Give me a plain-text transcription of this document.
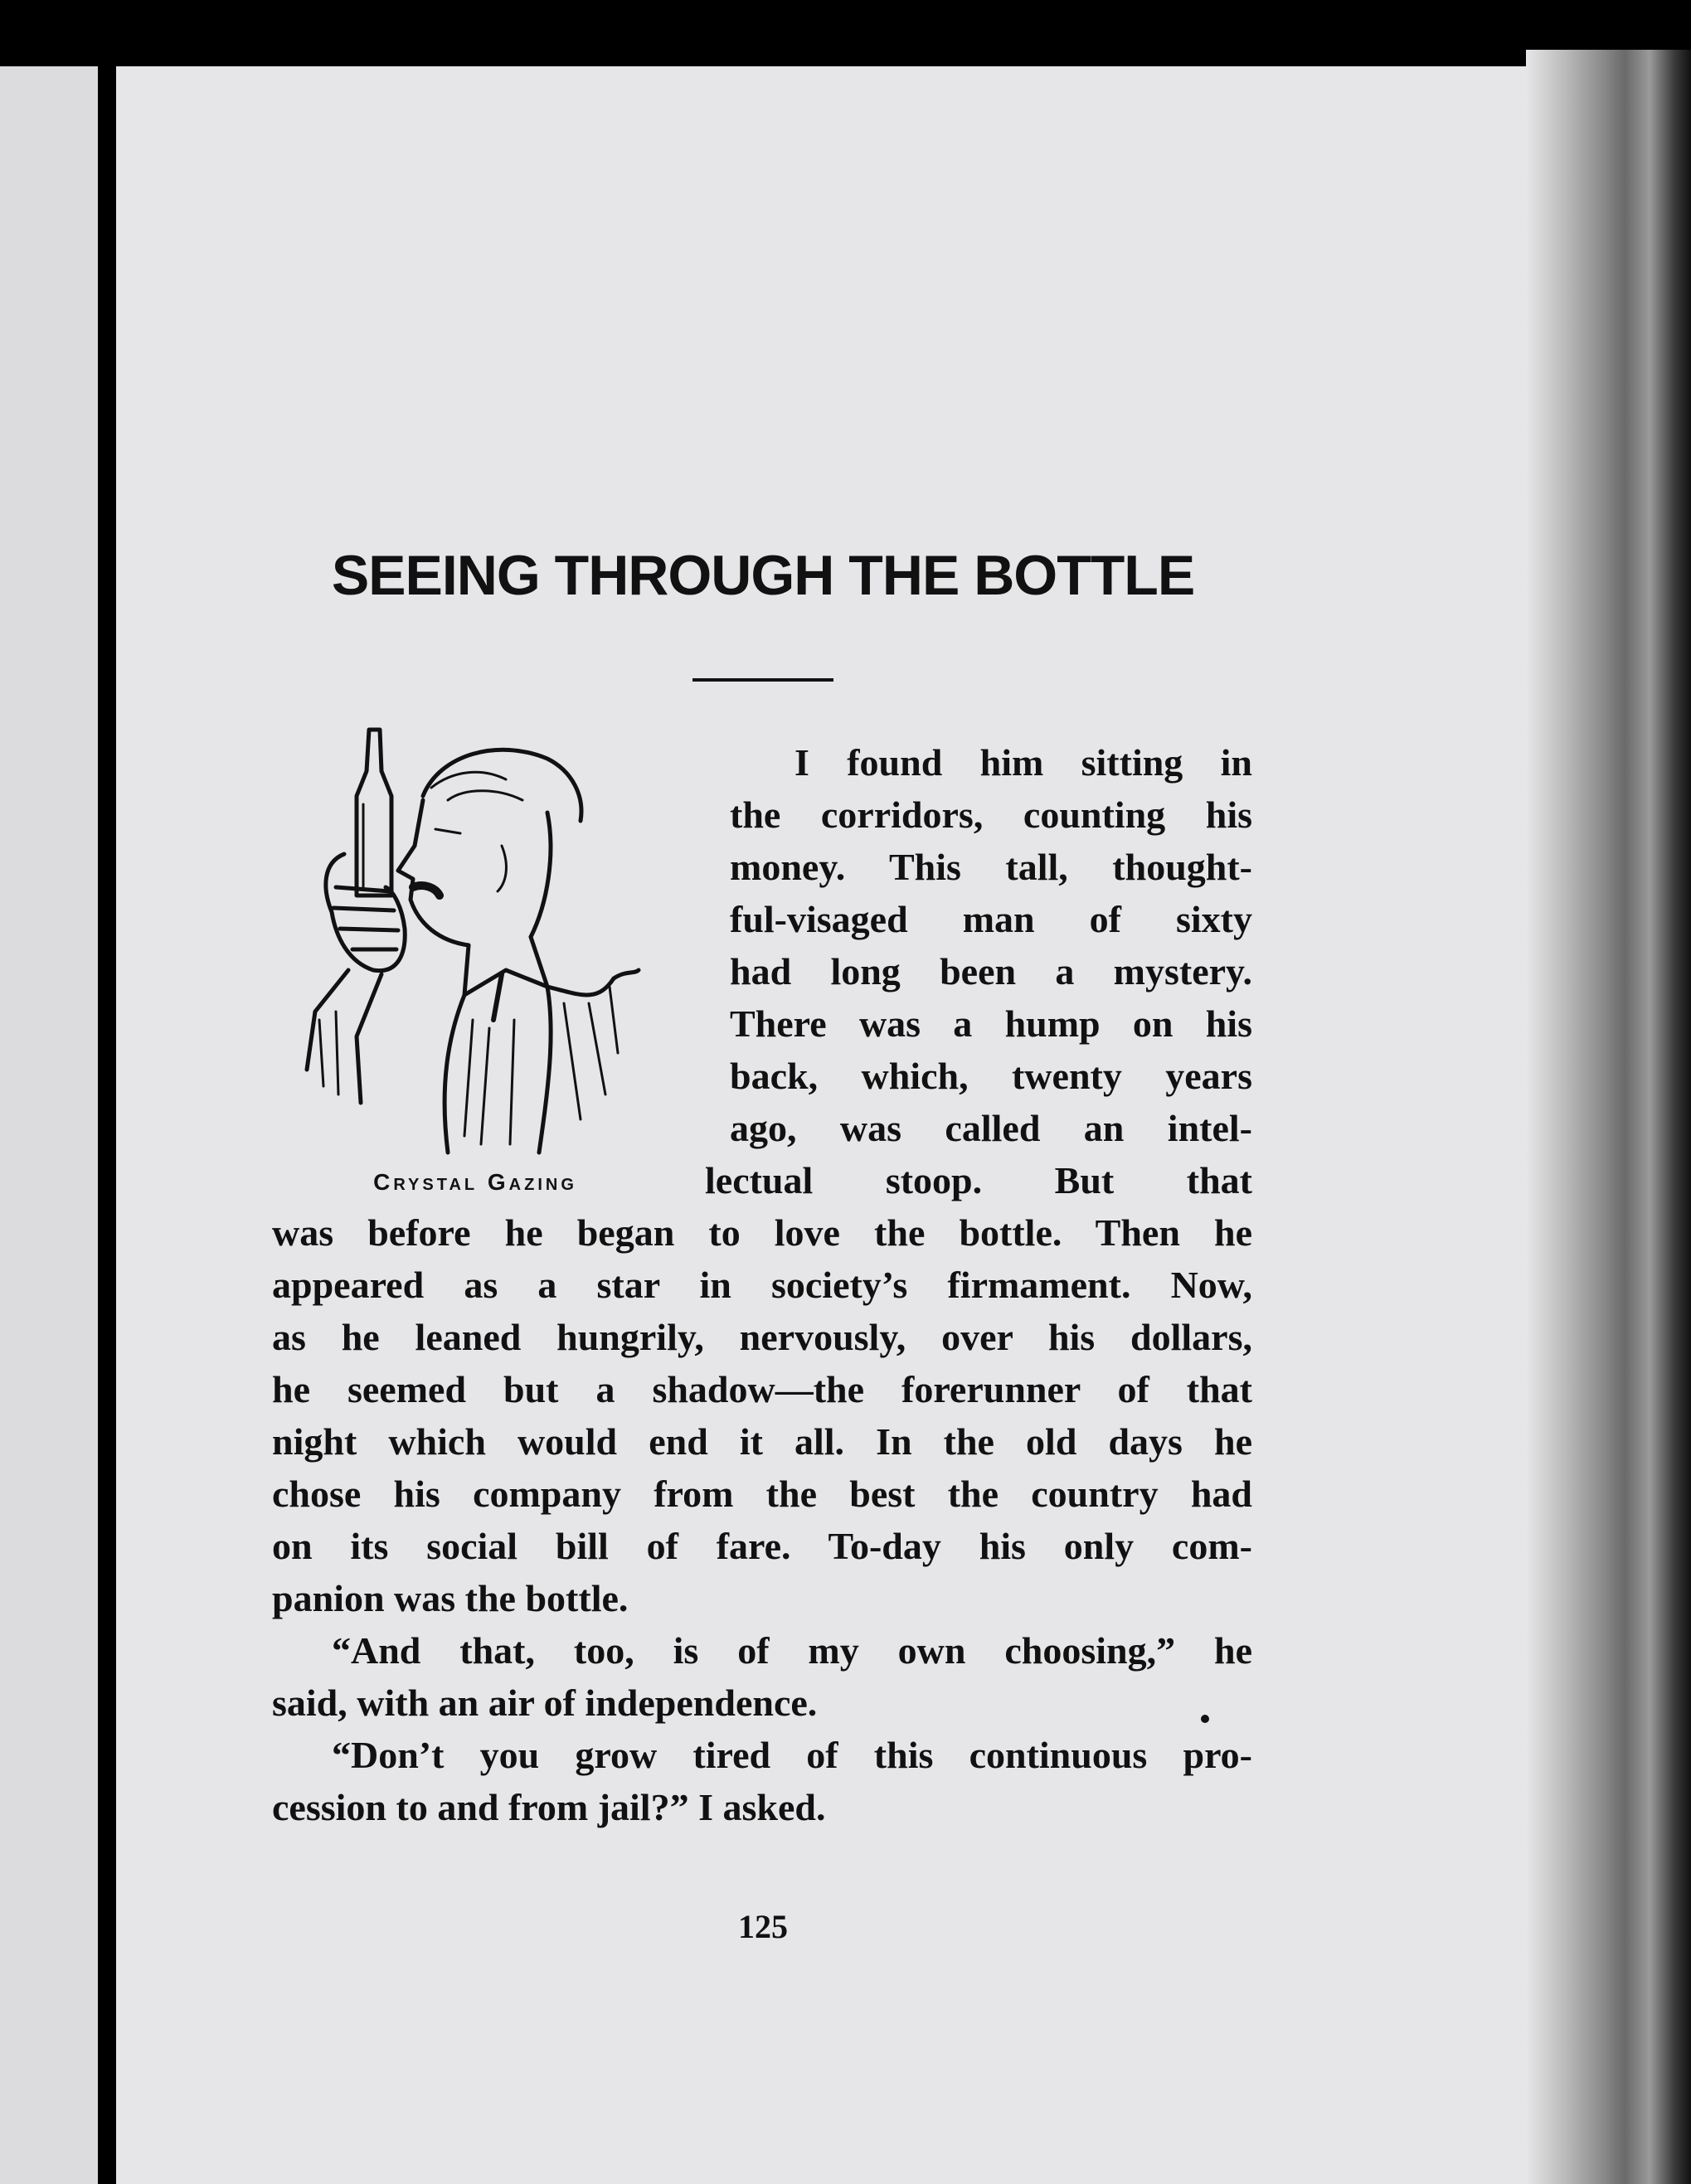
SEEING THROUGH THE BOTTLE
Crystal Gazing
I found him sitting in
the corridors, counting his
money. This tall, thought-
ful-visaged man of sixty
had long been a mystery.
There was a hump on his
back, which, twenty years
ago, was called an intel-
lectual stoop. But that
was before he began to love the bottle. Then he
appeared as a star in society’s firmament. Now,
as he leaned hungrily, nervously, over his dollars,
he seemed but a shadow—the forerunner of that
night which would end it all. In the old days he
chose his company from the best the country had
on its social bill of fare. To-day his only com-
panion was the bottle.
“And that, too, is of my own choosing,” he
said, with an air of independence.
“Don’t you grow tired of this continuous pro-
cession to and from jail?” I asked.
125
